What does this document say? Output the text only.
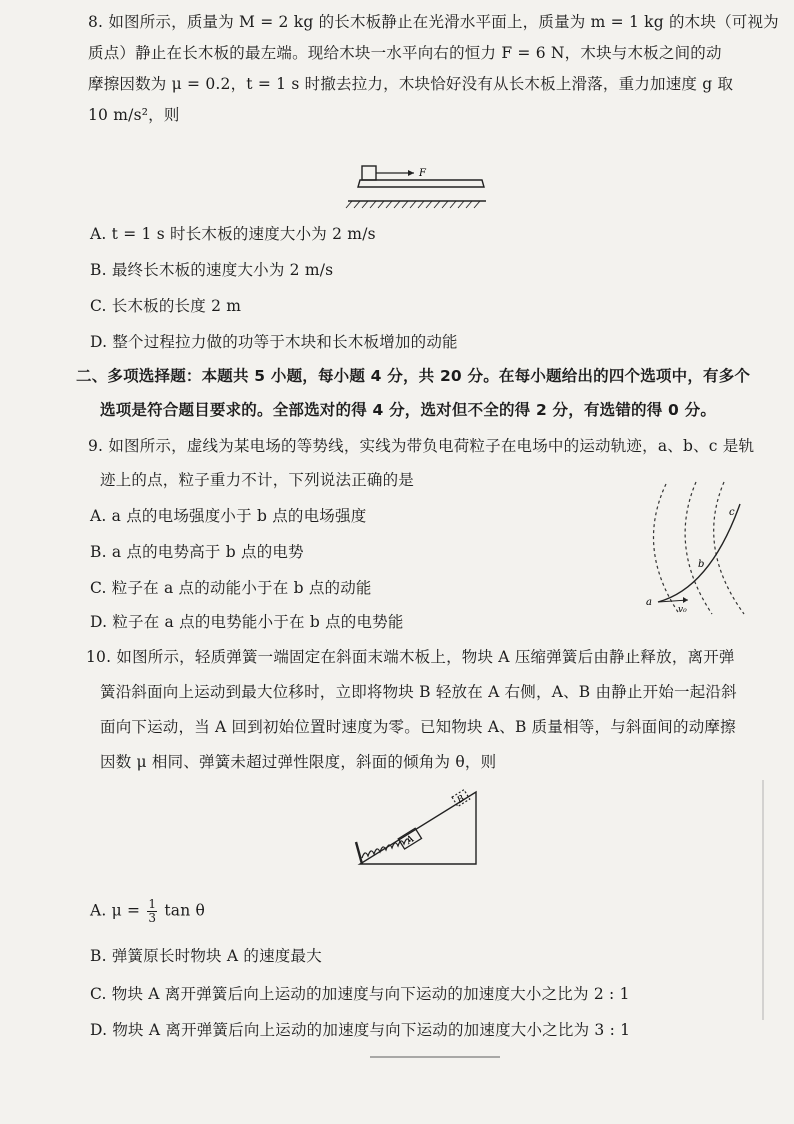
8. 如图所示，质量为 M = 2 kg 的长木板静止在光滑水平面上，质量为 m = 1 kg 的木块（可视为
质点）静止在长木板的最左端。现给木块一水平向右的恒力 F = 6 N，木块与木板之间的动
摩擦因数为 μ = 0.2，t = 1 s 时撤去拉力，木块恰好没有从长木板上滑落，重力加速度 g 取
10 m/s²，则
F
A. t = 1 s 时长木板的速度大小为 2 m/s
B. 最终长木板的速度大小为 2 m/s
C. 长木板的长度 2 m
D. 整个过程拉力做的功等于木块和长木板增加的动能
二、多项选择题：本题共 5 小题，每小题 4 分，共 20 分。在每小题给出的四个选项中，有多个
选项是符合题目要求的。全部选对的得 4 分，选对但不全的得 2 分，有选错的得 0 分。
9. 如图所示，虚线为某电场的等势线，实线为带负电荷粒子在电场中的运动轨迹，a、b、c 是轨
迹上的点，粒子重力不计，下列说法正确的是
A. a 点的电场强度小于 b 点的电场强度
B. a 点的电势高于 b 点的电势
C. 粒子在 a 点的动能小于在 b 点的动能
D. 粒子在 a 点的电势能小于在 b 点的电势能
a
b
c
v₀
10. 如图所示，轻质弹簧一端固定在斜面末端木板上，物块 A 压缩弹簧后由静止释放，离开弹
簧沿斜面向上运动到最大位移时，立即将物块 B 轻放在 A 右侧，A、B 由静止开始一起沿斜
面向下运动，当 A 回到初始位置时速度为零。已知物块 A、B 质量相等，与斜面间的动摩擦
因数 μ 相同、弹簧未超过弹性限度，斜面的倾角为 θ，则
A
B
A. $\mu = \frac{1}{3}$ tan θ
B. 弹簧原长时物块 A 的速度最大
C. 物块 A 离开弹簧后向上运动的加速度与向下运动的加速度大小之比为 2 : 1
D. 物块 A 离开弹簧后向上运动的加速度与向下运动的加速度大小之比为 3 : 1
